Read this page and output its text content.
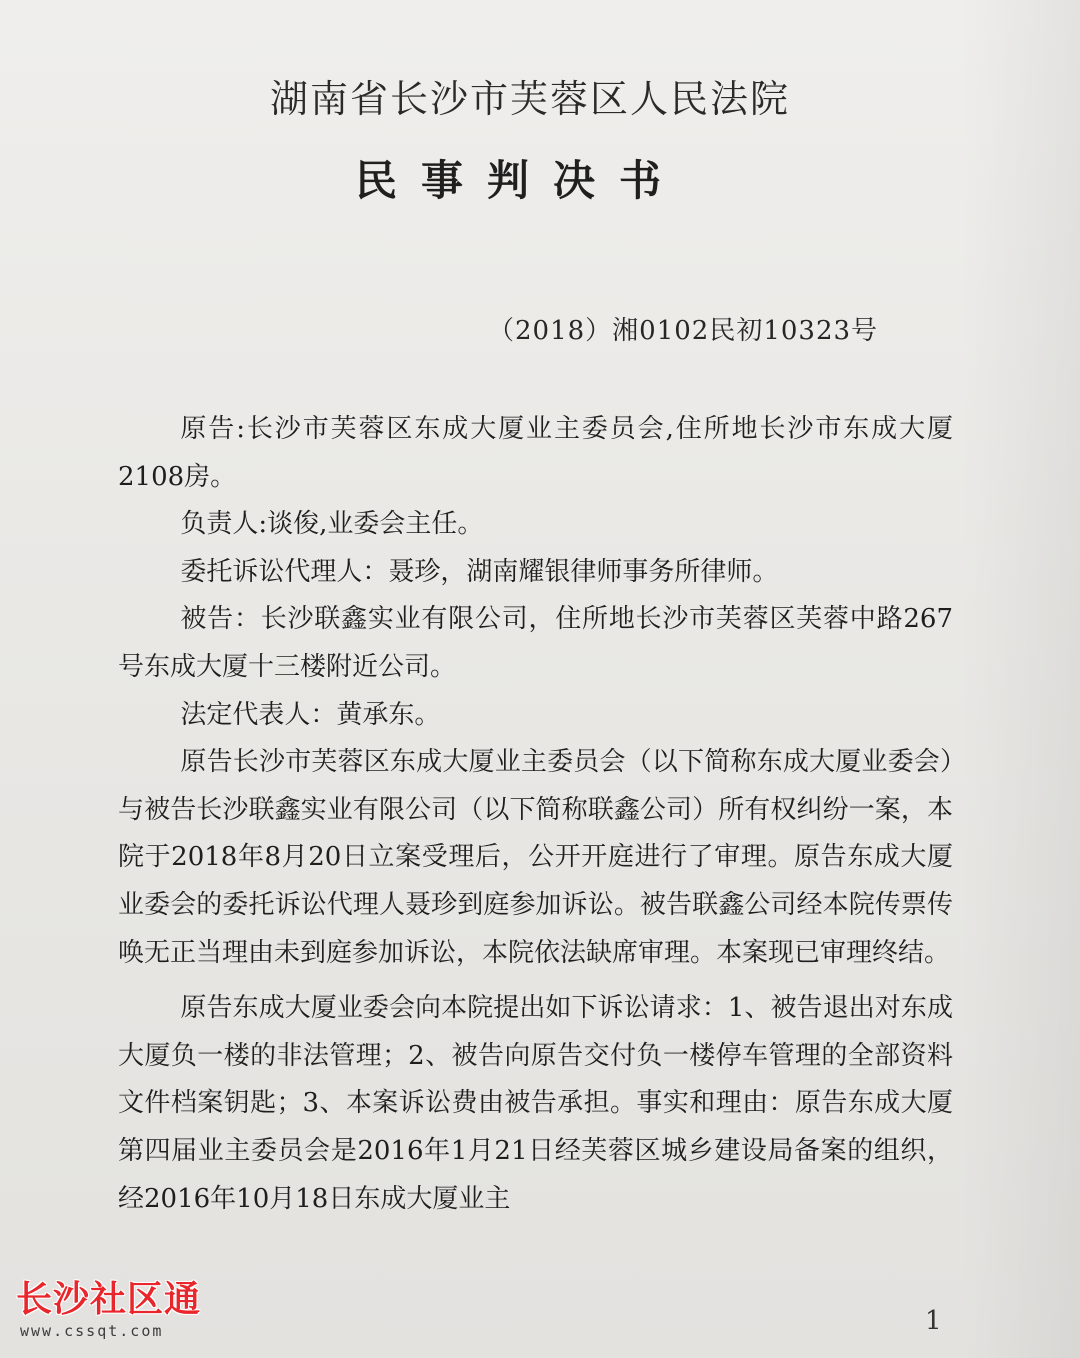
湖南省长沙市芙蓉区人民法院
民事判决书
（2018）湘0102民初10323号

原告:长沙市芙蓉区东成大厦业主委员会,住所地长沙市东成大厦2108房。

负责人:谈俊,业委会主任。

委托诉讼代理人：聂珍，湖南耀银律师事务所律师。

被告：长沙联鑫实业有限公司，住所地长沙市芙蓉区芙蓉中路267号东成大厦十三楼附近公司。

法定代表人：黄承东。

原告长沙市芙蓉区东成大厦业主委员会（以下简称东成大厦业委会）与被告长沙联鑫实业有限公司（以下简称联鑫公司）所有权纠纷一案，本院于2018年8月20日立案受理后，公开开庭进行了审理。原告东成大厦业委会的委托诉讼代理人聂珍到庭参加诉讼。被告联鑫公司经本院传票传唤无正当理由未到庭参加诉讼，本院依法缺席审理。本案现已审理终结。

原告东成大厦业委会向本院提出如下诉讼请求：1、被告退出对东成大厦负一楼的非法管理；2、被告向原告交付负一楼停车管理的全部资料文件档案钥匙；3、本案诉讼费由被告承担。事实和理由：原告东成大厦第四届业主委员会是2016年1月21日经芙蓉区城乡建设局备案的组织，经2016年10月18日东成大厦业主

1
长沙社区通
www.cssqt.com
